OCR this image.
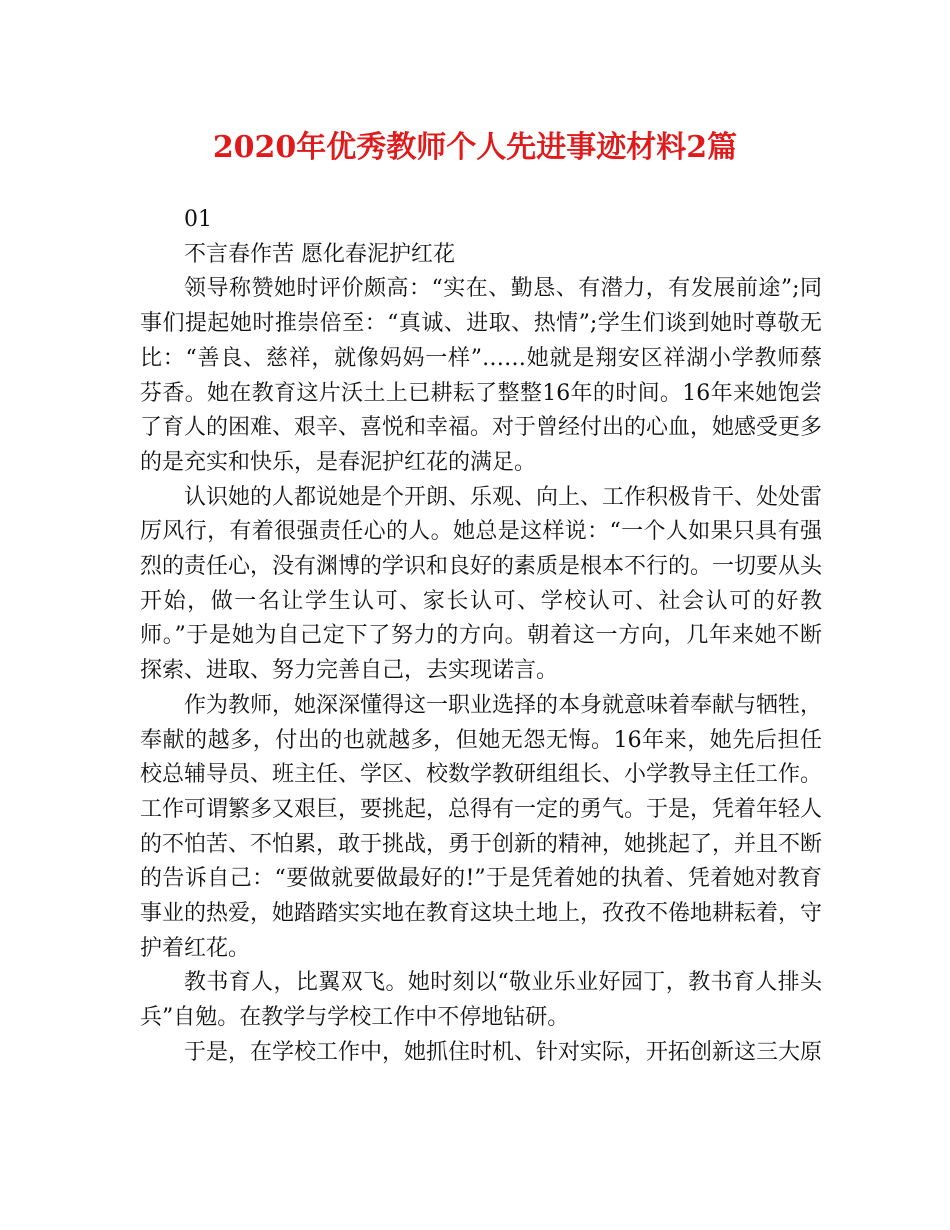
2020年优秀教师个人先进事迹材料2篇

01

不言春作苦 愿化春泥护红花

领导称赞她时评价颇高：“实在、勤恳、有潜力，有发展前途”;同事们提起她时推崇倍至：“真诚、进取、热情”;学生们谈到她时尊敬无比：“善良、慈祥，就像妈妈一样”……她就是翔安区祥湖小学教师蔡芬香。她在教育这片沃土上已耕耘了整整16年的时间。16年来她饱尝了育人的困难、艰辛、喜悦和幸福。对于曾经付出的心血，她感受更多的是充实和快乐，是春泥护红花的满足。

认识她的人都说她是个开朗、乐观、向上、工作积极肯干、处处雷厉风行，有着很强责任心的人。她总是这样说：“一个人如果只具有强烈的责任心，没有渊博的学识和良好的素质是根本不行的。一切要从头开始，做一名让学生认可、家长认可、学校认可、社会认可的好教师。”于是她为自己定下了努力的方向。朝着这一方向，几年来她不断探索、进取、努力完善自己，去实现诺言。

作为教师，她深深懂得这一职业选择的本身就意味着奉献与牺牲，奉献的越多，付出的也就越多，但她无怨无悔。16年来，她先后担任校总辅导员、班主任、学区、校数学教研组组长、小学教导主任工作。工作可谓繁多又艰巨，要挑起，总得有一定的勇气。于是，凭着年轻人的不怕苦、不怕累，敢于挑战，勇于创新的精神，她挑起了，并且不断的告诉自己：“要做就要做最好的!”于是凭着她的执着、凭着她对教育事业的热爱，她踏踏实实地在教育这块土地上，孜孜不倦地耕耘着，守护着红花。

教书育人，比翼双飞。她时刻以“敬业乐业好园丁，教书育人排头兵”自勉。在教学与学校工作中不停地钻研。

于是，在学校工作中，她抓住时机、针对实际，开拓创新这三大原
